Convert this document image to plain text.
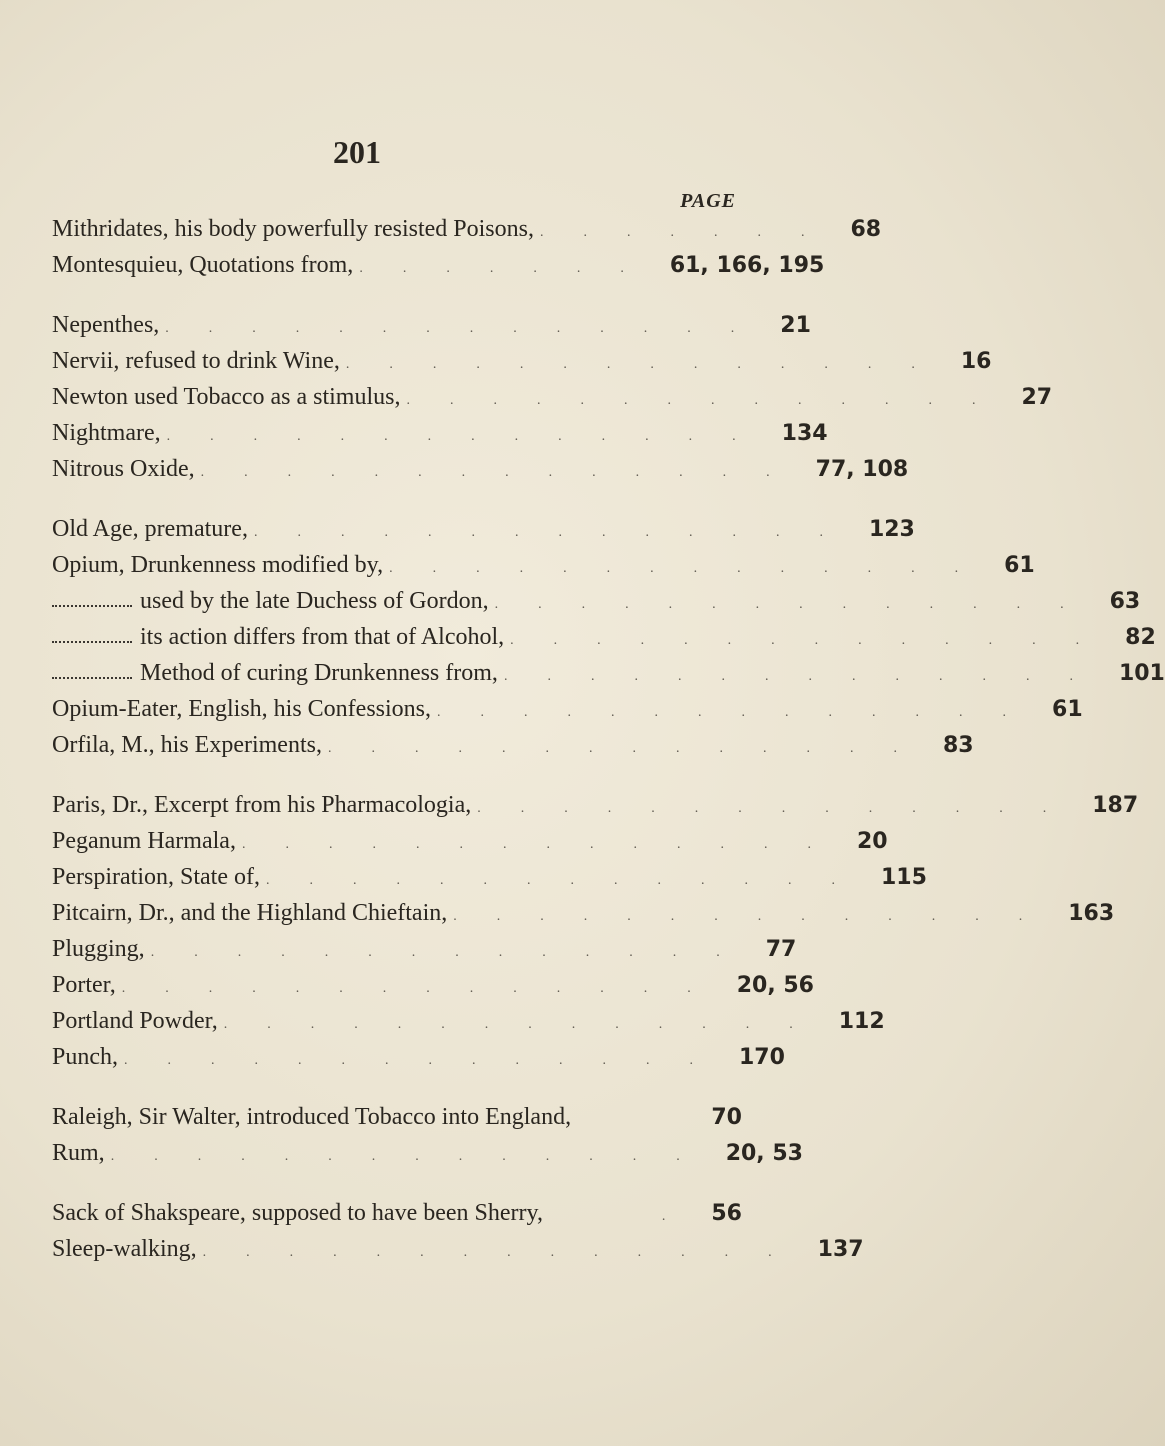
201
PAGE
Mithridates, his body powerfully resisted Poisons, ....... 68
Montesquieu, Quotations from, ....... 61, 166, 195
Nepenthes, .............. 21
Nervii, refused to drink Wine, .............. 16
Newton used Tobacco as a stimulus, .............. 27
Nightmare, .............. 134
Nitrous Oxide, .............. 77, 108
Old Age, premature, .............. 123
Opium, Drunkenness modified by, .............. 61
used by the late Duchess of Gordon, .............. 63
its action differs from that of Alcohol, .............. 82
Method of curing Drunkenness from, .............. 101
Opium-Eater, English, his Confessions, .............. 61
Orfila, M., his Experiments, .............. 83
Paris, Dr., Excerpt from his Pharmacologia, .............. 187
Peganum Harmala, .............. 20
Perspiration, State of, .............. 115
Pitcairn, Dr., and the Highland Chieftain, .............. 163
Plugging, .............. 77
Porter, .............. 20, 56
Portland Powder, .............. 112
Punch, .............. 170
Raleigh, Sir Walter, introduced Tobacco into England,	70
Rum, .............. 20, 53
Sack of Shakspeare, supposed to have been Sherry,	. 56
Sleep-walking, .............. 137
